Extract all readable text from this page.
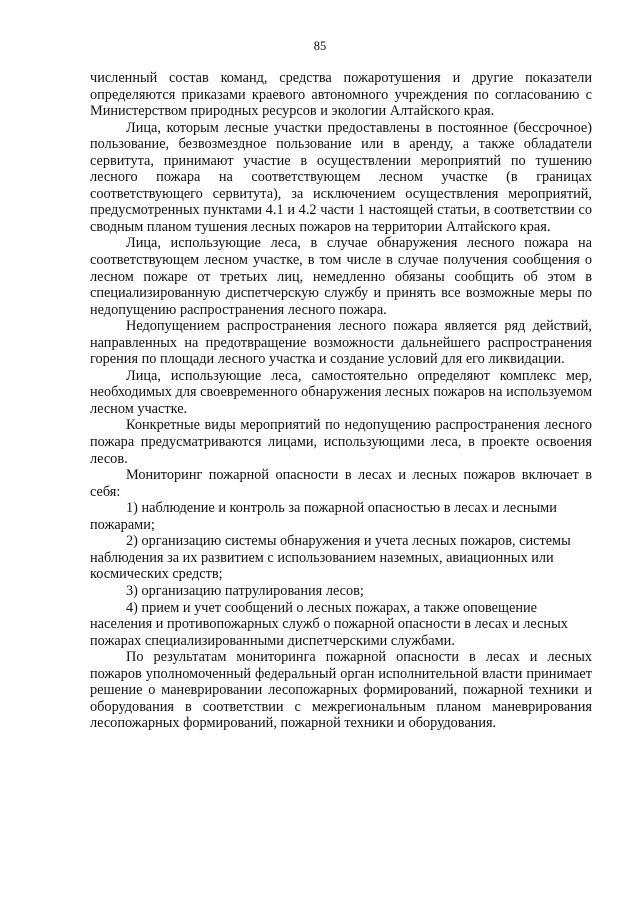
85

численный состав команд, средства пожаротушения и другие показатели определяются приказами краевого автономного учреждения по согласованию с Министерством природных ресурсов и экологии Алтайского края.

Лица, которым лесные участки предоставлены в постоянное (бессрочное) пользование, безвозмездное пользование или в аренду, а также обладатели сервитута, принимают участие в осуществлении мероприятий по тушению лесного пожара на соответствующем лесном участке (в границах соответствующего сервитута), за исключением осуществления мероприятий, предусмотренных пунктами 4.1 и 4.2 части 1 настоящей статьи, в соответствии со сводным планом тушения лесных пожаров на территории Алтайского края.

Лица, использующие леса, в случае обнаружения лесного пожара на соответствующем лесном участке, в том числе в случае получения сообщения о лесном пожаре от третьих лиц, немедленно обязаны сообщить об этом в специализированную диспетчерскую службу и принять все возможные меры по недопущению распространения лесного пожара.

Недопущением распространения лесного пожара является ряд действий, направленных на предотвращение возможности дальнейшего распространения горения по площади лесного участка и создание условий для его ликвидации.

Лица, использующие леса, самостоятельно определяют комплекс мер, необходимых для своевременного обнаружения лесных пожаров на используемом лесном участке.

Конкретные виды мероприятий по недопущению распространения лесного пожара предусматриваются лицами, использующими леса, в проекте освоения лесов.

Мониторинг пожарной опасности в лесах и лесных пожаров включает в себя:

1) наблюдение и контроль за пожарной опасностью в лесах и лесными пожарами;

2) организацию системы обнаружения и учета лесных пожаров, системы наблюдения за их развитием с использованием наземных, авиационных или космических средств;

3) организацию патрулирования лесов;

4) прием и учет сообщений о лесных пожарах, а также оповещение населения и противопожарных служб о пожарной опасности в лесах и лесных пожарах специализированными диспетчерскими службами.

По результатам мониторинга пожарной опасности в лесах и лесных пожаров уполномоченный федеральный орган исполнительной власти принимает решение о маневрировании лесопожарных формирований, пожарной техники и оборудования в соответствии с межрегиональным планом маневрирования лесопожарных формирований, пожарной техники и оборудования.
